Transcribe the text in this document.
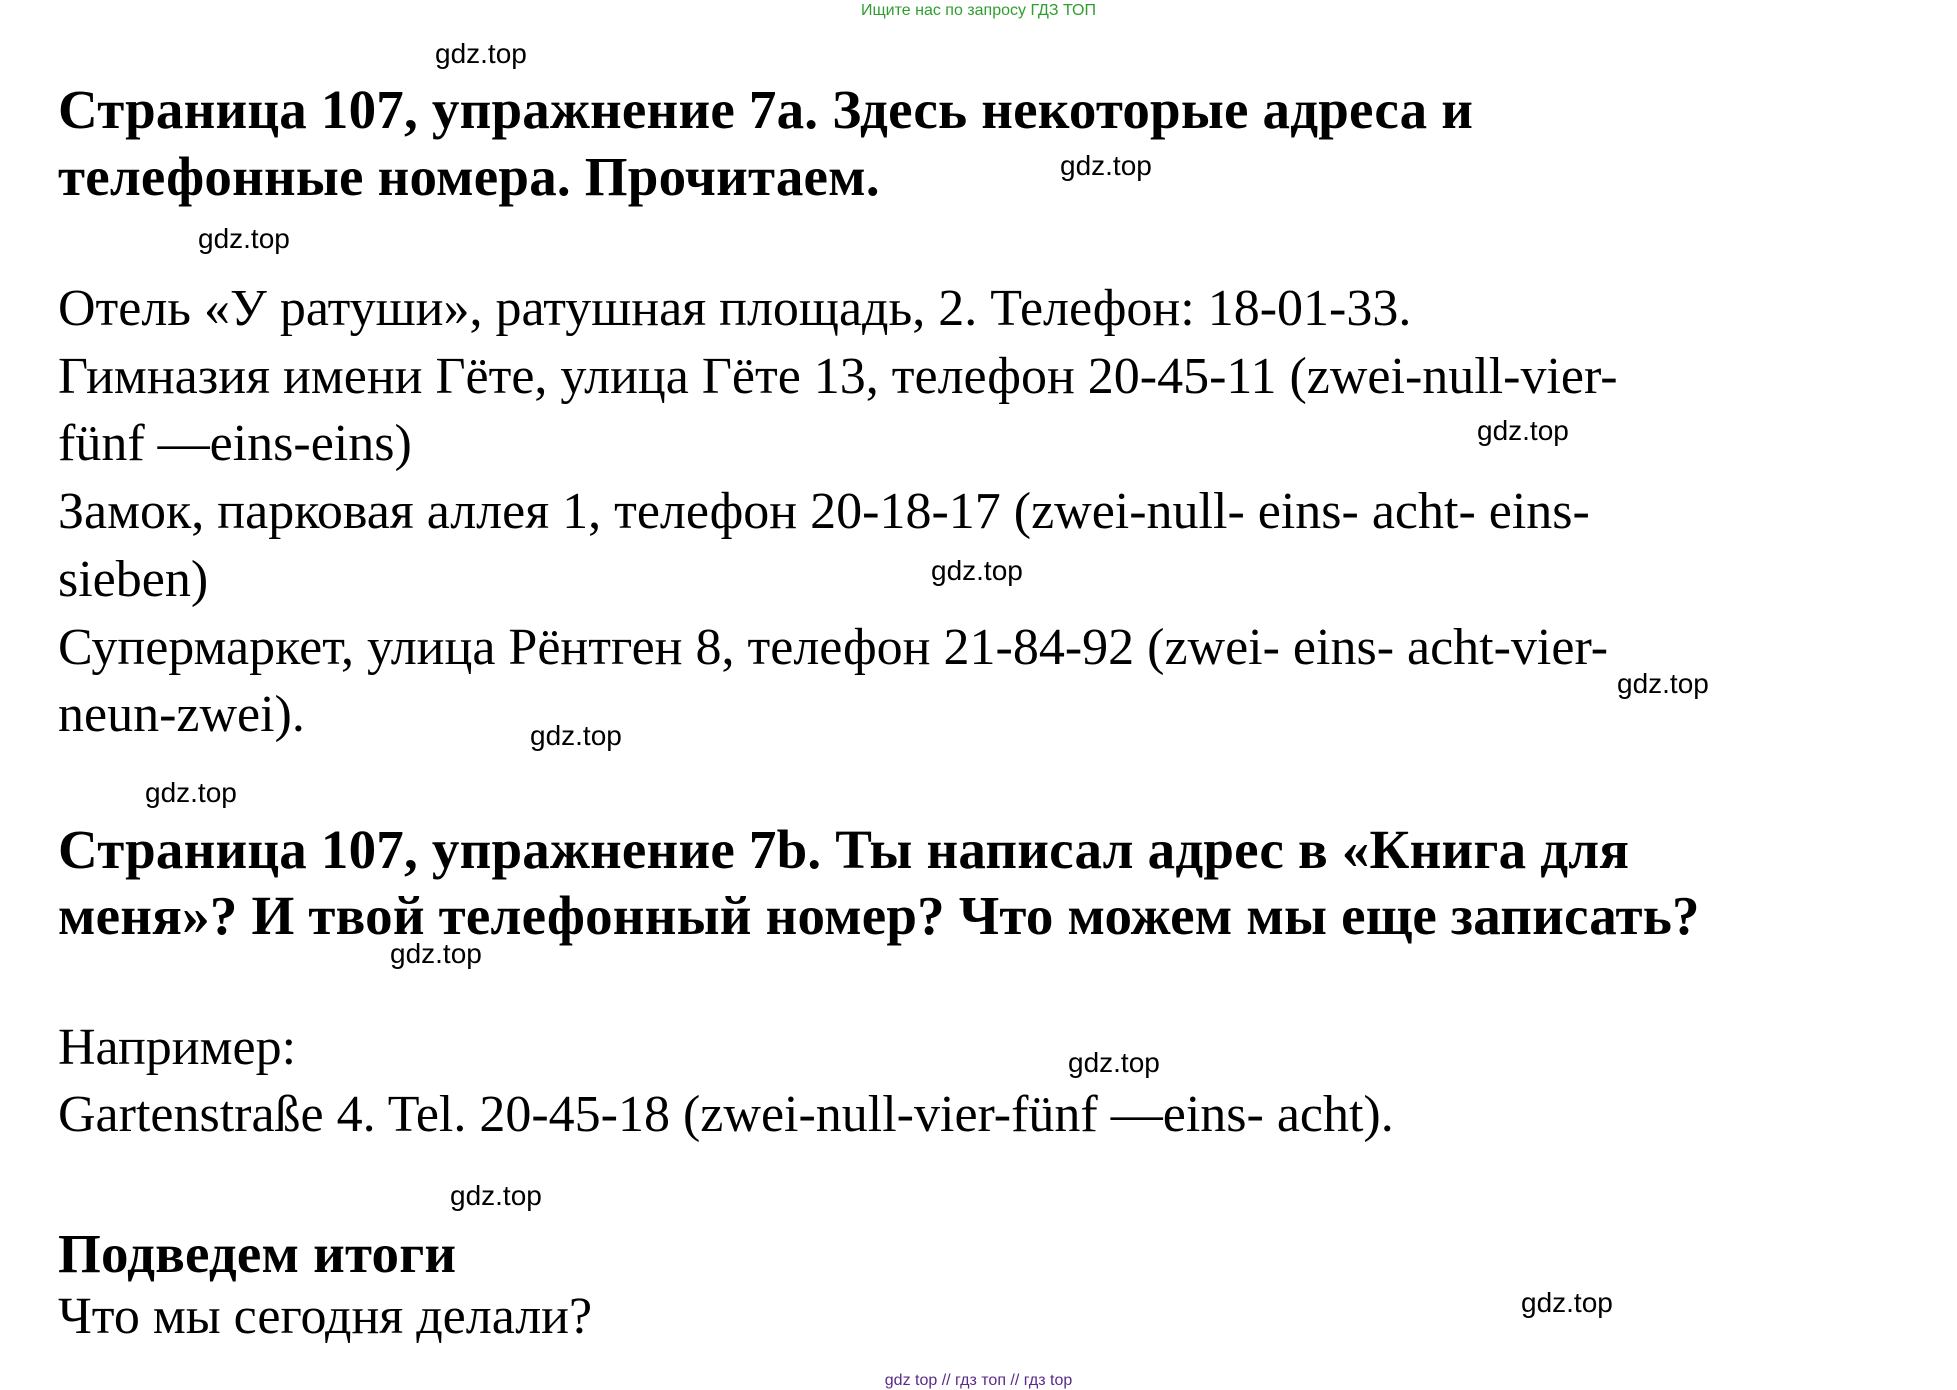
Ищите нас по запросу ГДЗ ТОП
Страница 107, упражнение 7а. Здесь некоторые адреса и
телефонные номера. Прочитаем.
Отель «У ратуши», ратушная площадь, 2. Телефон: 18-01-33.
Гимназия имени Гёте, улица Гёте 13, телефон 20-45-11 (zwei-null-vier-
fünf —eins-eins)
Замок, парковая аллея 1, телефон 20-18-17 (zwei-null- eins- acht- eins-
sieben)
Супермаркет, улица Рёнтген 8, телефон 21-84-92 (zwei- eins- acht-vier-
neun-zwei).
Страница 107, упражнение 7b. Ты написал адрес в «Книга для
меня»? И твой телефонный номер? Что можем мы еще записать?
Например:
Gartenstraße 4. Tel. 20-45-18 (zwei-null-vier-fünf —eins- acht).
Подведем итоги
Что мы сегодня делали?
gdz.top
gdz.top
gdz.top
gdz.top
gdz.top
gdz.top
gdz.top
gdz.top
gdz.top
gdz.top
gdz.top
gdz.top
gdz top // гдз топ // гдз top
